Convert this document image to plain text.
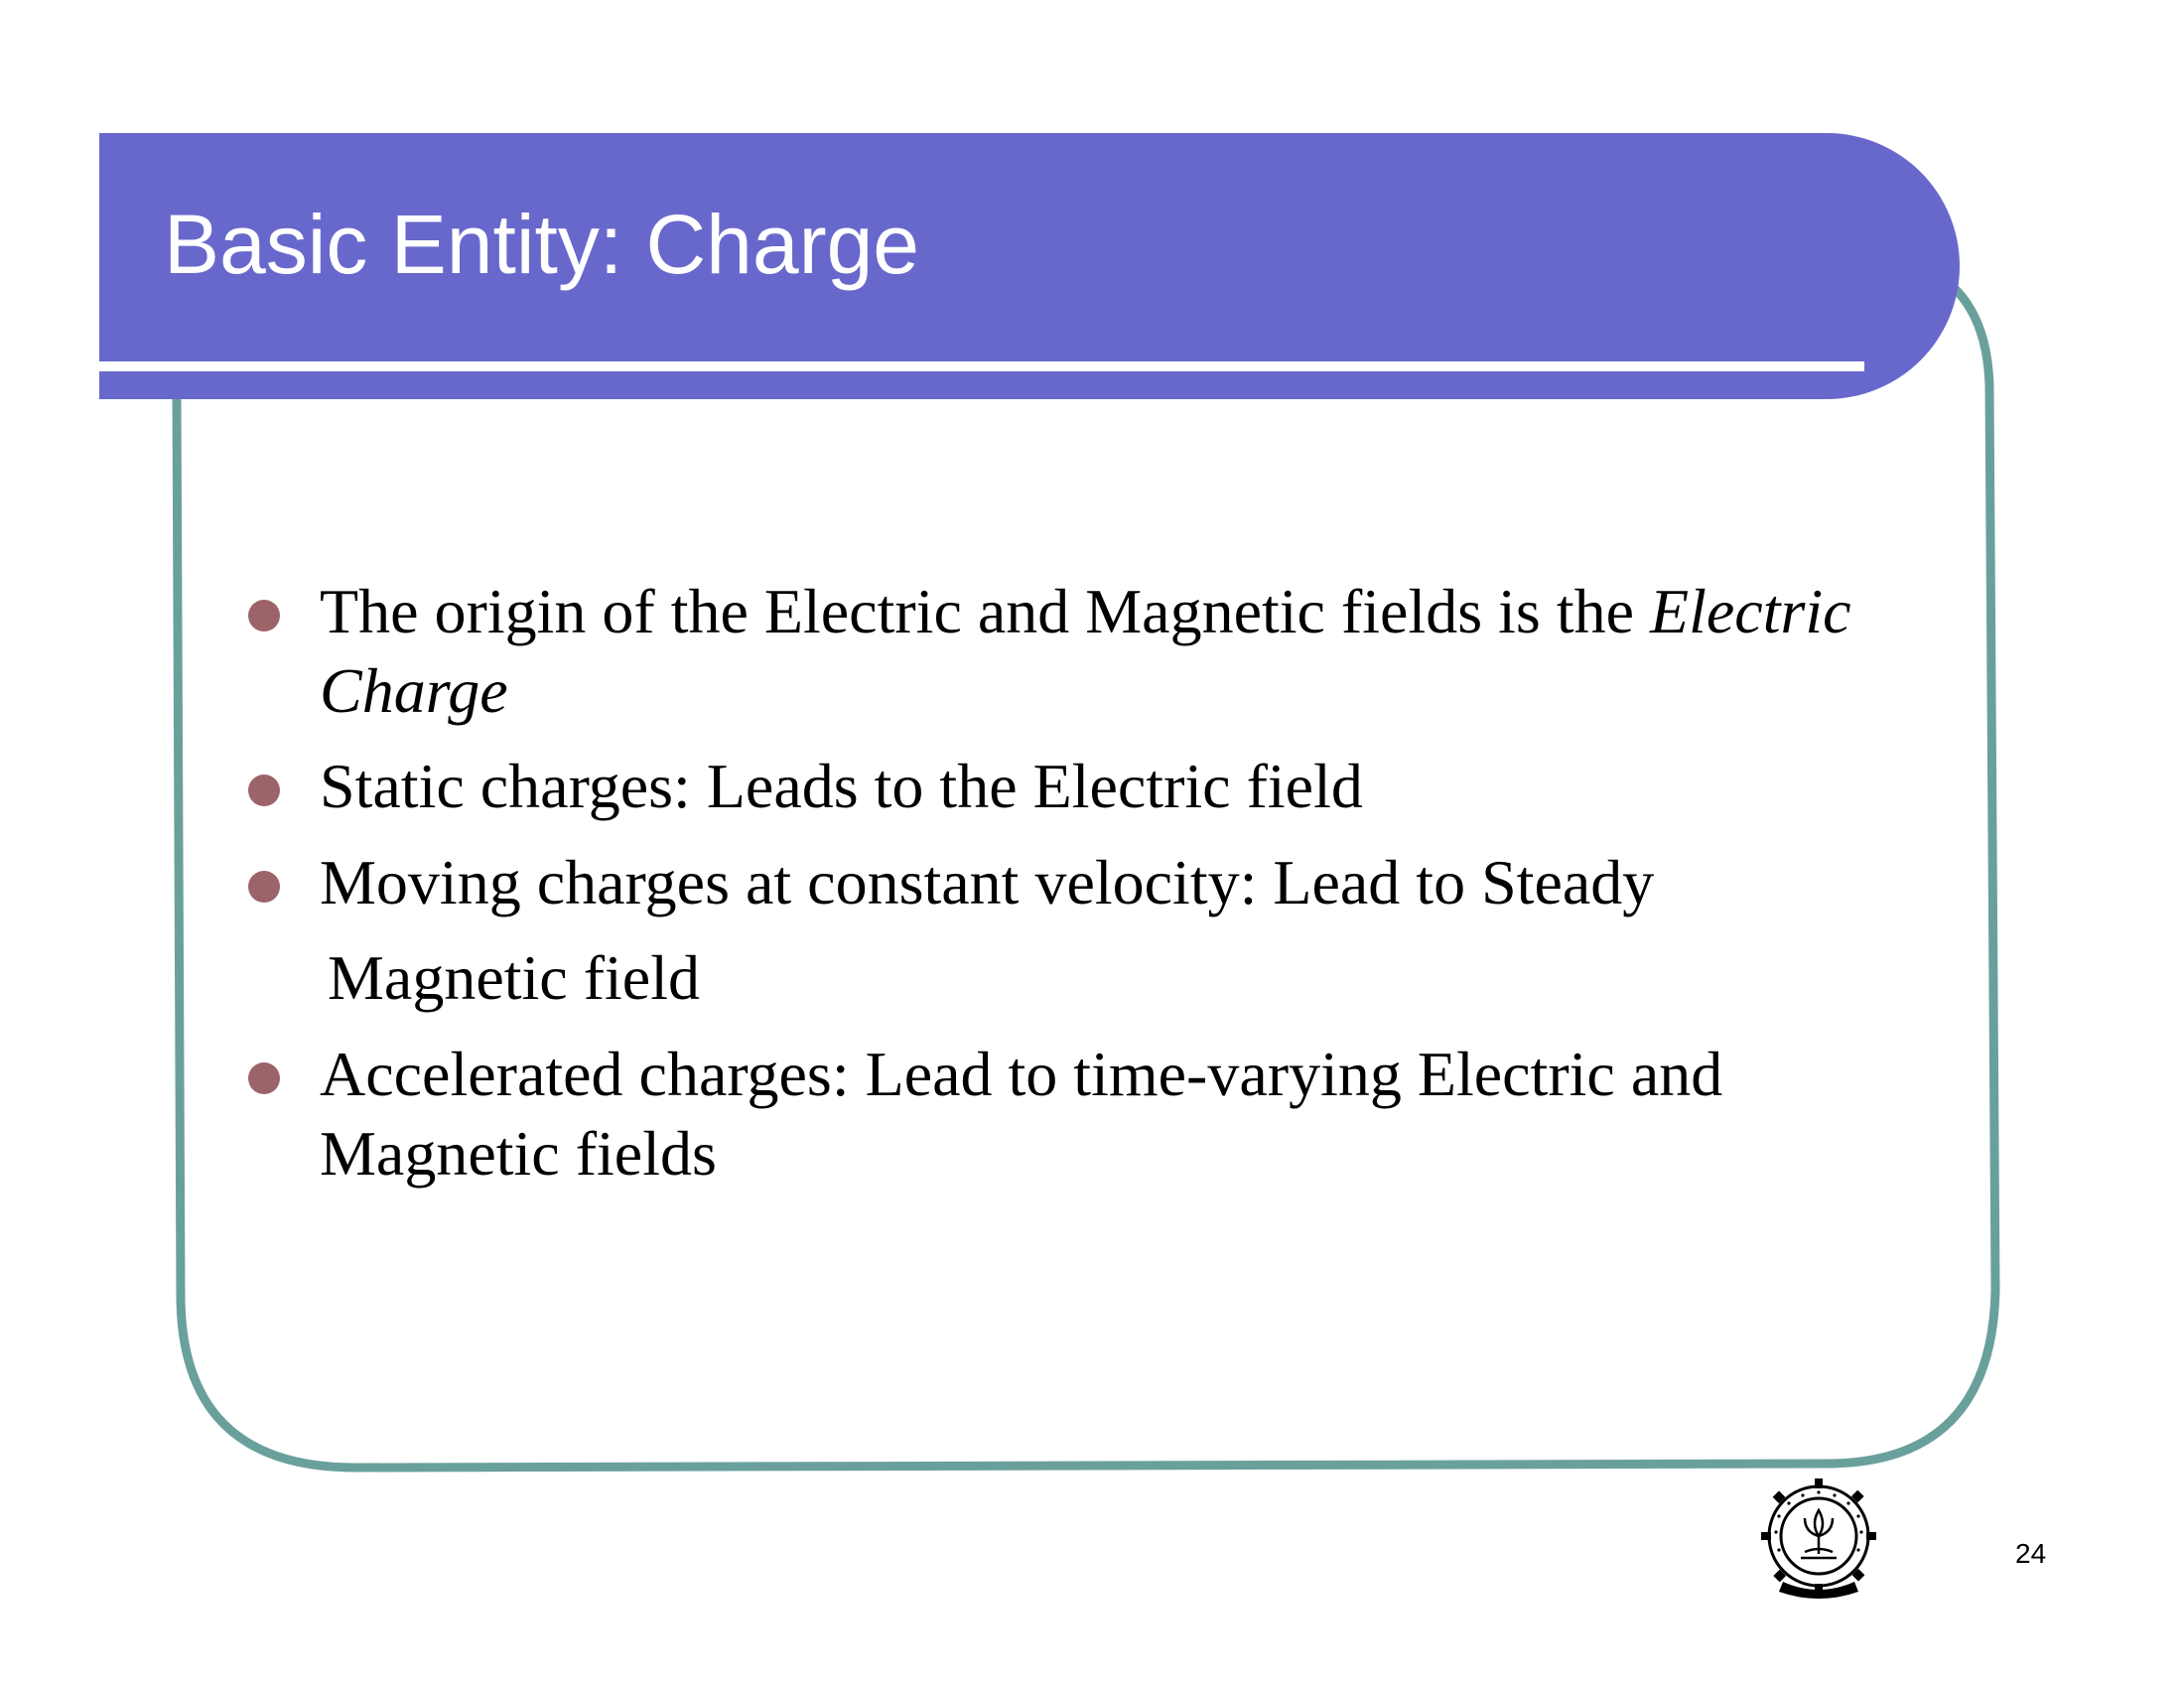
Basic Entity: Charge
The origin of the Electric and Magnetic fields is the Electric
Charge
Static charges: Leads to the Electric field
Moving charges at constant velocity: Lead to Steady
Magnetic field
Accelerated charges: Lead to time-varying Electric and
Magnetic fields
24
